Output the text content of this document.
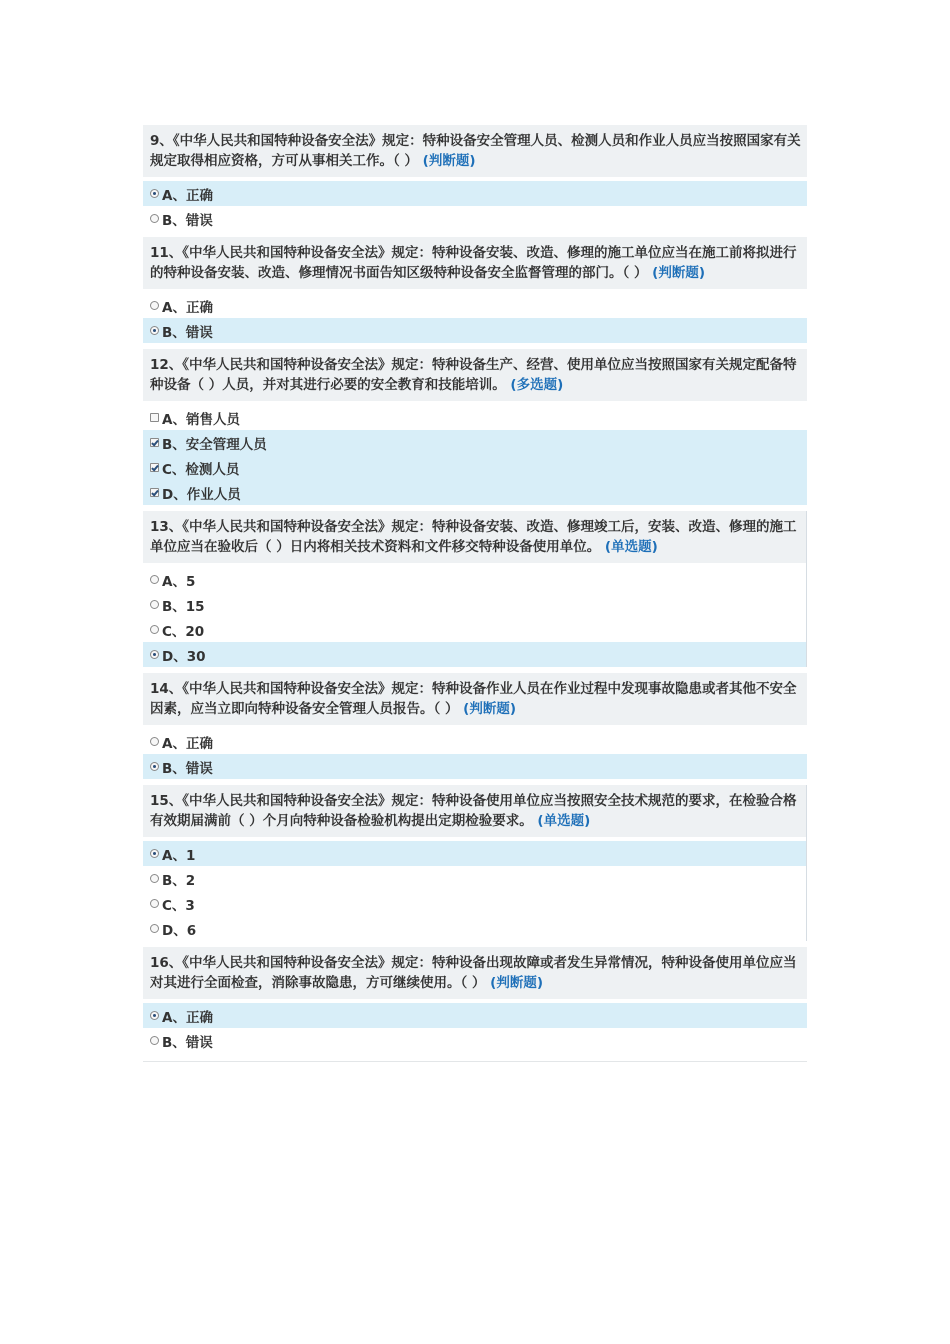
9、《中华人民共和国特种设备安全法》规定：特种设备安全管理人员、检测人员和作业人员应当按照国家有关规定取得相应资格，方可从事相关工作。（ ） (判断题)
A、正确
B、错误
11、《中华人民共和国特种设备安全法》规定：特种设备安装、改造、修理的施工单位应当在施工前将拟进行的特种设备安装、改造、修理情况书面告知区级特种设备安全监督管理的部门。（ ） (判断题)
A、正确
B、错误
12、《中华人民共和国特种设备安全法》规定：特种设备生产、经营、使用单位应当按照国家有关规定配备特种设备（ ）人员，并对其进行必要的安全教育和技能培训。 (多选题)
A、销售人员
B、安全管理人员
C、检测人员
D、作业人员
13、《中华人民共和国特种设备安全法》规定：特种设备安装、改造、修理竣工后，安装、改造、修理的施工单位应当在验收后（ ）日内将相关技术资料和文件移交特种设备使用单位。 (单选题)
A、5
B、15
C、20
D、30
14、《中华人民共和国特种设备安全法》规定：特种设备作业人员在作业过程中发现事故隐患或者其他不安全因素，应当立即向特种设备安全管理人员报告。（ ） (判断题)
A、正确
B、错误
15、《中华人民共和国特种设备安全法》规定：特种设备使用单位应当按照安全技术规范的要求，在检验合格有效期届满前（ ）个月向特种设备检验机构提出定期检验要求。 (单选题)
A、1
B、2
C、3
D、6
16、《中华人民共和国特种设备安全法》规定：特种设备出现故障或者发生异常情况，特种设备使用单位应当对其进行全面检查，消除事故隐患，方可继续使用。（ ） (判断题)
A、正确
B、错误
